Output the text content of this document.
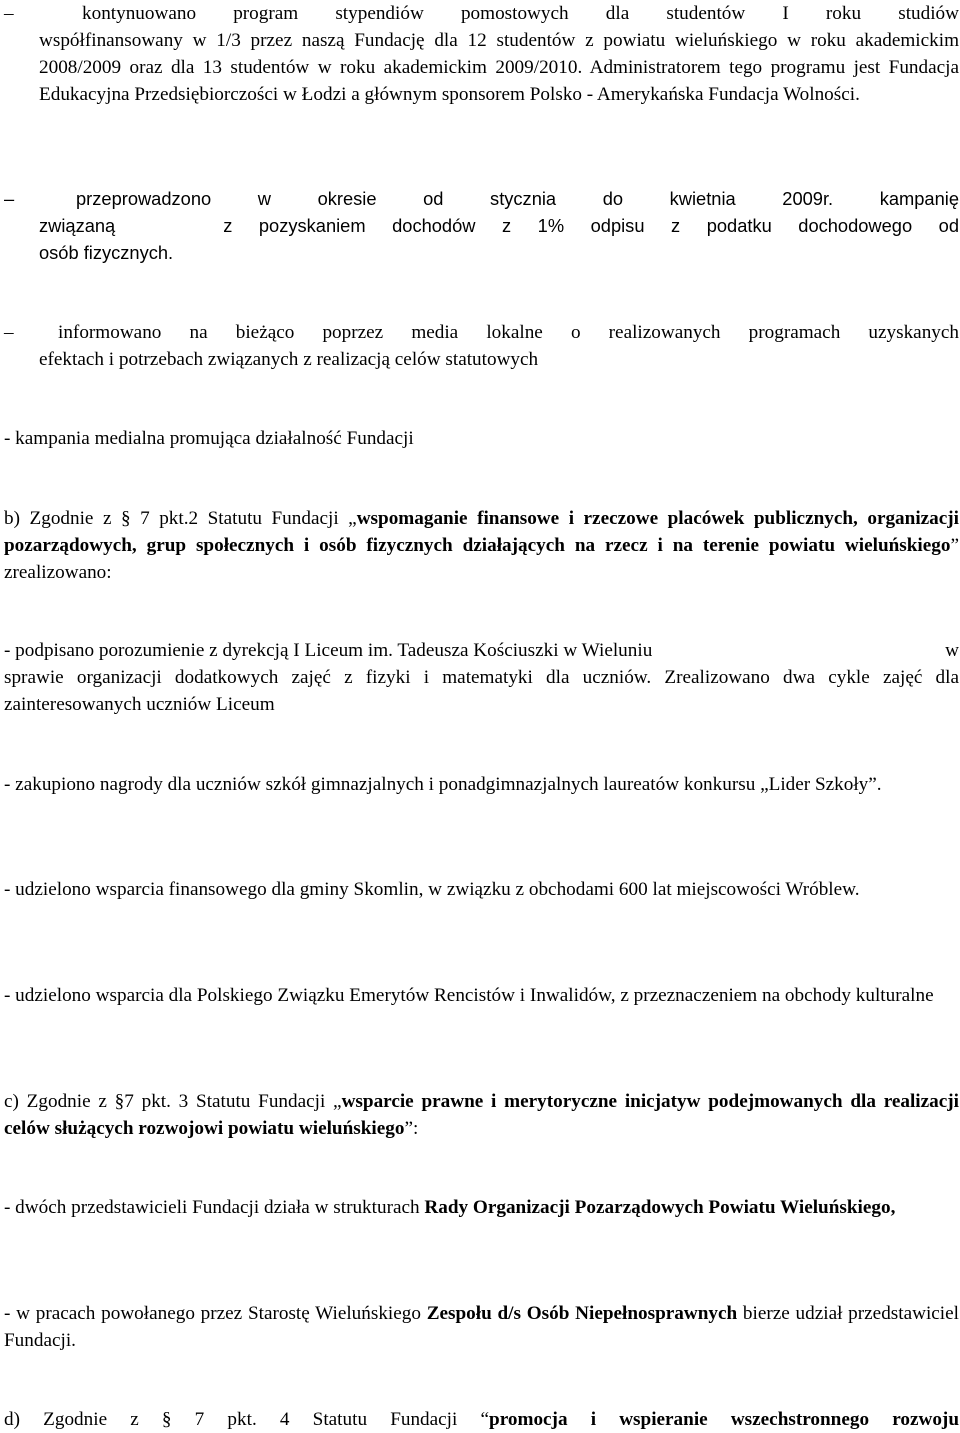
–	kontynuowano program stypendiów pomostowych dla studentów I roku studiów

współfinansowany w 1/3 przez naszą Fundację dla 12 studentów z powiatu wieluńskiego w roku akademickim 2008/2009 oraz dla 13 studentów w roku akademickim 2009/2010. Administratorem tego programu jest Fundacja Edukacyjna Przedsiębiorczości w Łodzi a głównym sponsorem Polsko - Amerykańska Fundacja Wolności.

–	przeprowadzono w okresie od stycznia do kwietnia 2009r. kampanię

związaną	z pozyskaniem dochodów z 1% odpisu z podatku dochodowego od

osób fizycznych.

–	informowano na bieżąco poprzez media lokalne o realizowanych programach uzyskanych

efektach i potrzebach związanych z realizacją celów statutowych

- kampania medialna promująca działalność Fundacji

b) Zgodnie z § 7 pkt.2 Statutu Fundacji „wspomaganie finansowe i rzeczowe placówek publicznych, organizacji pozarządowych, grup społecznych i osób fizycznych działających na rzecz i na terenie powiatu wieluńskiego” zrealizowano:

- podpisano porozumienie z dyrekcją I Liceum im. Tadeusza Kościuszki w Wieluniu	w

sprawie organizacji dodatkowych zajęć z fizyki i matematyki dla uczniów. Zrealizowano dwa cykle zajęć dla zainteresowanych uczniów Liceum

- zakupiono nagrody dla uczniów szkół gimnazjalnych i ponadgimnazjalnych laureatów konkursu „Lider Szkoły”.

- udzielono wsparcia finansowego dla gminy Skomlin, w związku z obchodami 600 lat miejscowości Wróblew.

- udzielono wsparcia dla Polskiego Związku Emerytów Rencistów i Inwalidów, z przeznaczeniem na obchody kulturalne

c) Zgodnie z §7 pkt. 3 Statutu Fundacji „wsparcie prawne i merytoryczne inicjatyw podejmowanych dla realizacji celów służących rozwojowi powiatu wieluńskiego”:

- dwóch przedstawicieli Fundacji działa w strukturach Rady Organizacji Pozarządowych Powiatu Wieluńskiego,

- w pracach powołanego przez Starostę Wieluńskiego Zespołu d/s Osób Niepełnosprawnych bierze udział przedstawiciel Fundacji.

d) Zgodnie z § 7 pkt. 4 Statutu Fundacji “promocja i wspieranie wszechstronnego rozwoju
